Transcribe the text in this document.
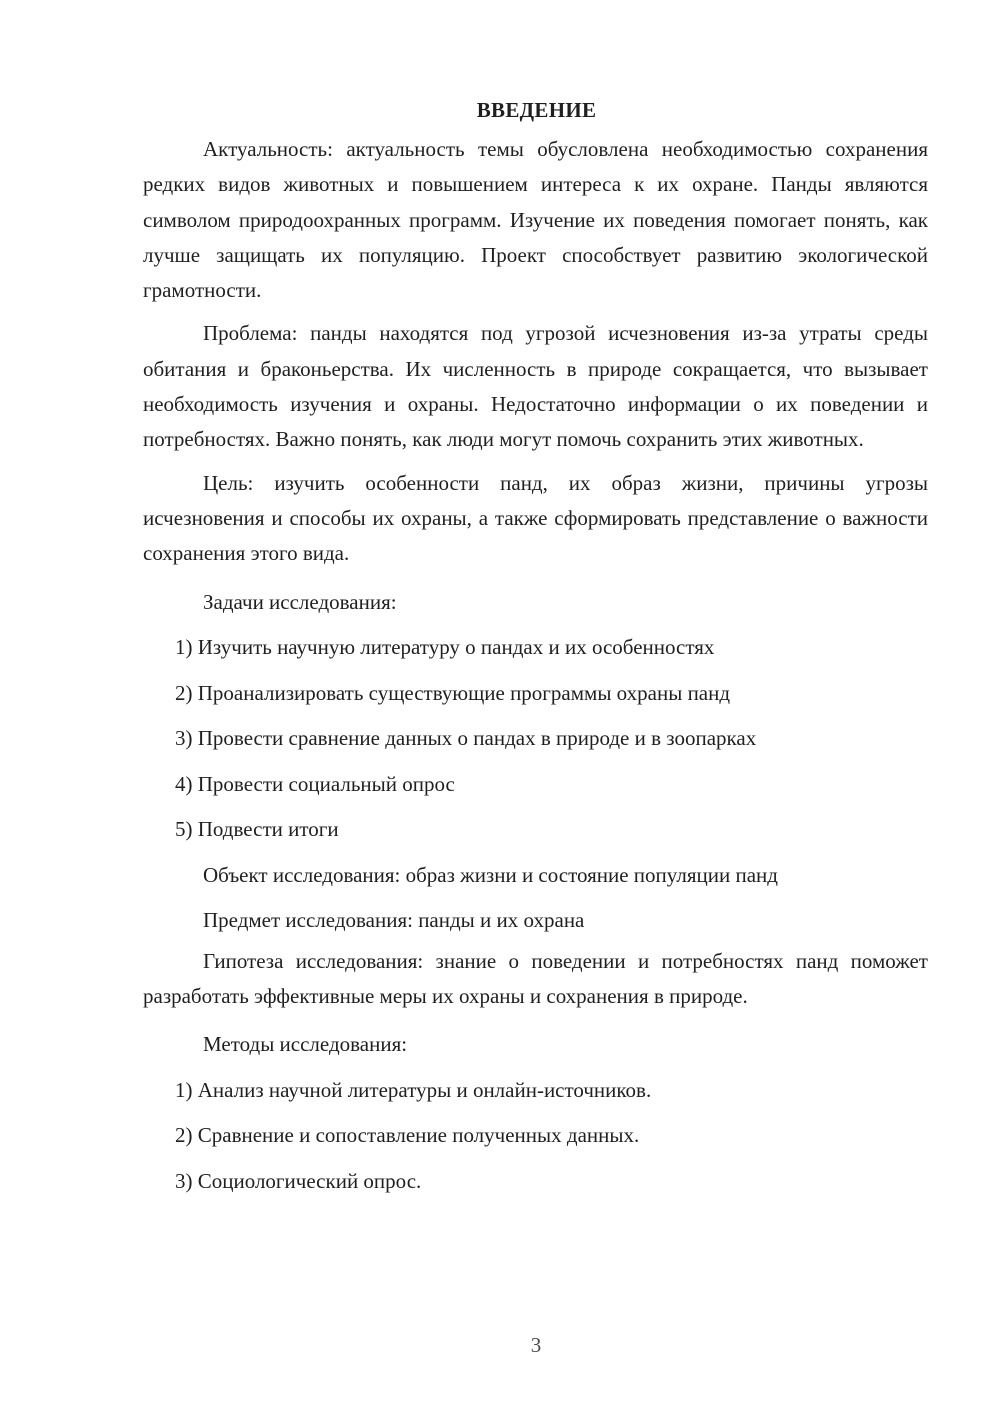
ВВЕДЕНИЕ

Актуальность: актуальность темы обусловлена необходимостью сохранения редких видов животных и повышением интереса к их охране. Панды являются символом природоохранных программ. Изучение их поведения помогает понять, как лучше защищать их популяцию. Проект способствует развитию экологической грамотности.

Проблема: панды находятся под угрозой исчезновения из-за утраты среды обитания и браконьерства. Их численность в природе сокращается, что вызывает необходимость изучения и охраны. Недостаточно информации о их поведении и потребностях. Важно понять, как люди могут помочь сохранить этих животных.

Цель: изучить особенности панд, их образ жизни, причины угрозы исчезновения и способы их охраны, а также сформировать представление о важности сохранения этого вида.

Задачи исследования:

1) Изучить научную литературу о пандах и их особенностях

2) Проанализировать существующие программы охраны панд

3) Провести сравнение данных о пандах в природе и в зоопарках

4) Провести социальный опрос

5) Подвести итоги

Объект исследования: образ жизни и состояние популяции панд

Предмет исследования: панды и их охрана

Гипотеза исследования: знание о поведении и потребностях панд поможет разработать эффективные меры их охраны и сохранения в природе.

Методы исследования:

1) Анализ научной литературы и онлайн-источников.

2) Сравнение и сопоставление полученных данных.

3) Социологический опрос.

3
